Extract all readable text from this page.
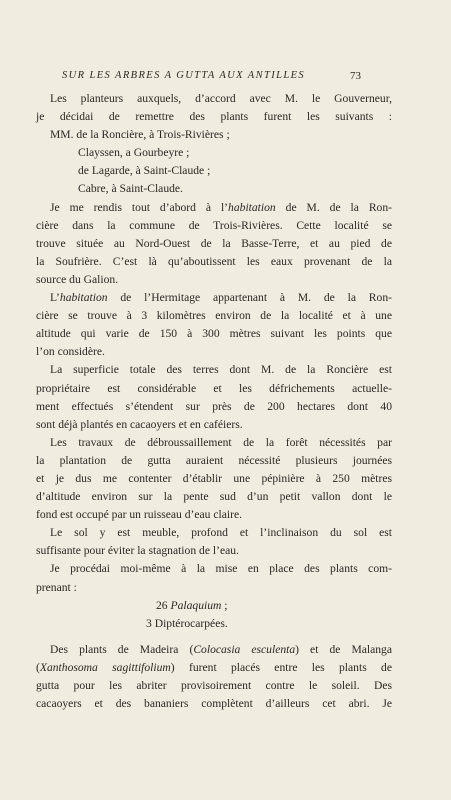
SUR LES ARBRES A GUTTA AUX ANTILLES	73
Les planteurs auxquels, d’accord avec M. le Gouverneur,
je décidai de remettre des plants furent les suivants :
MM. de la Roncière, à Trois-Rivières ;
Clayssen, a Gourbeyre ;
de Lagarde, à Saint-Claude ;
Cabre, à Saint-Claude.
Je me rendis tout d’abord à l’habitation de M. de la Ron-
cière dans la commune de Trois-Rivières. Cette localité se
trouve située au Nord-Ouest de la Basse-Terre, et au pied de
la Soufrière. C’est là qu’aboutissent les eaux provenant de la
source du Galion.
L’habitation de l’Hermitage appartenant à M. de la Ron-
cière se trouve à 3 kilomètres environ de la localité et à une
altitude qui varie de 150 à 300 mètres suivant les points que
l’on considère.
La superficie totale des terres dont M. de la Roncière est
propriétaire est considérable et les défrichements actuelle-
ment effectués s’étendent sur près de 200 hectares dont 40
sont déjà plantés en cacaoyers et en caféiers.
Les travaux de débroussaillement de la forêt nécessités par
la plantation de gutta auraient nécessité plusieurs journées
et je dus me contenter d’établir une pépinière à 250 mètres
d’altitude environ sur la pente sud d’un petit vallon dont le
fond est occupé par un ruisseau d’eau claire.
Le sol y est meuble, profond et l’inclinaison du sol est
suffisante pour éviter la stagnation de l’eau.
Je procédai moi-même à la mise en place des plants com-
prenant :
26 Palaquium ;
3 Diptérocarpées.
Des plants de Madeira (Colocasia esculenta) et de Malanga
(Xanthosoma sagittifolium) furent placés entre les plants de
gutta pour les abriter provisoirement contre le soleil. Des
cacaoyers et des bananiers complètent d’ailleurs cet abri. Je
